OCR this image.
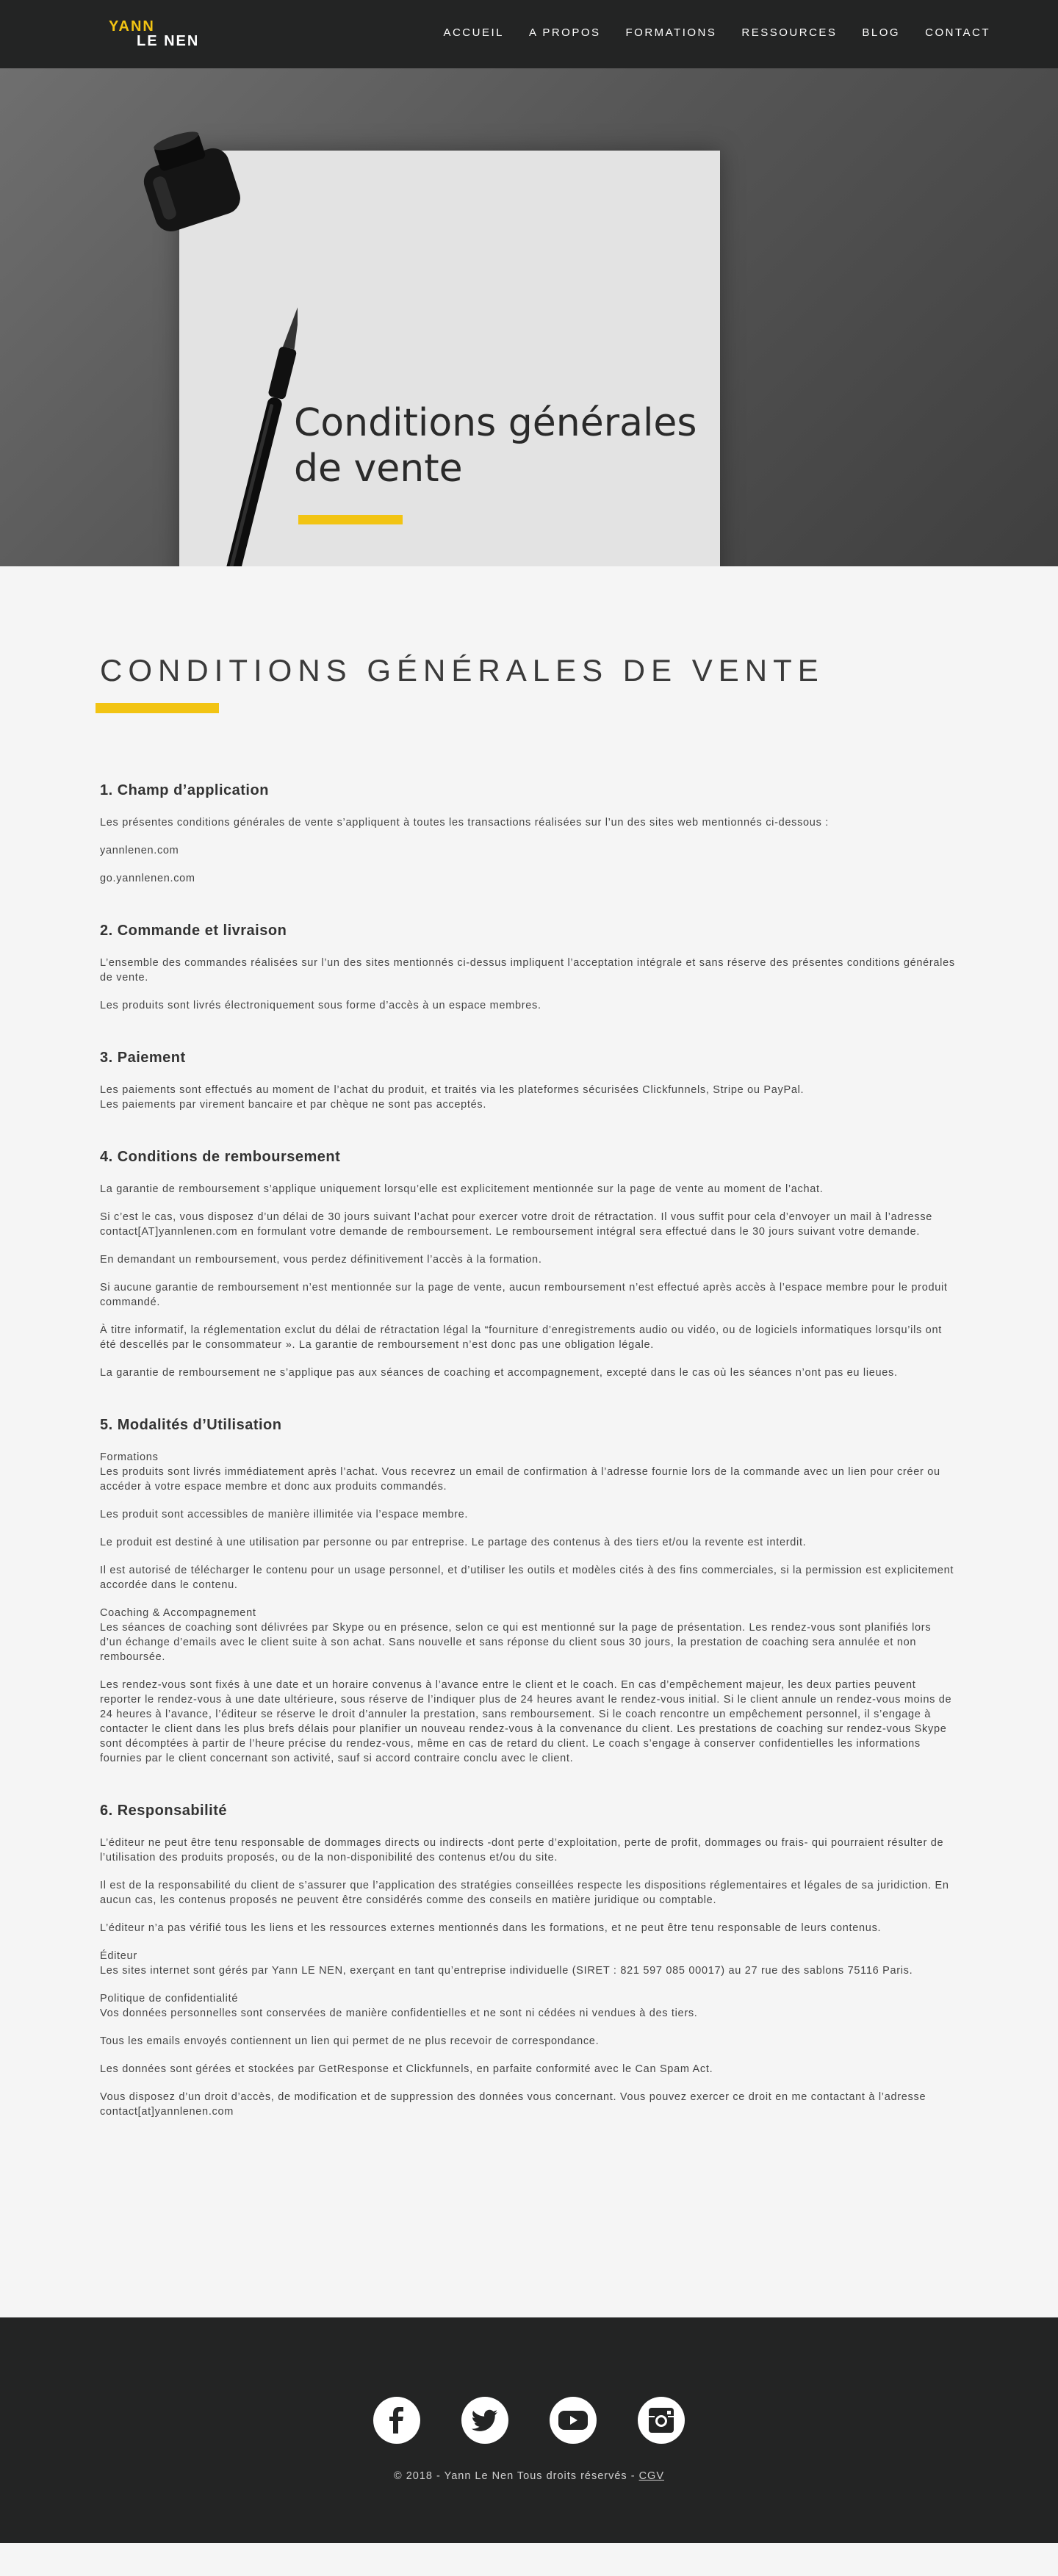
YANN
LE NEN
ACCUEIL A PROPOS FORMATIONS RESSOURCES BLOG CONTACT
Conditions générales de vente
CONDITIONS GÉNÉRALES DE VENTE
1. Champ d’application

Les présentes conditions générales de vente s’appliquent à toutes les transactions réalisées sur l’un des sites web mentionnés ci-dessous :

yannlenen.com

go.yannlenen.com

2. Commande et livraison

L’ensemble des commandes réalisées sur l’un des sites mentionnés ci-dessus impliquent l’acceptation intégrale et sans réserve des présentes conditions générales de vente.

Les produits sont livrés électroniquement sous forme d’accès à un espace membres.

3. Paiement

Les paiements sont effectués au moment de l’achat du produit, et traités via les plateformes sécurisées Clickfunnels, Stripe ou PayPal.
Les paiements par virement bancaire et par chèque ne sont pas acceptés.

4. Conditions de remboursement

La garantie de remboursement s’applique uniquement lorsqu’elle est explicitement mentionnée sur la page de vente au moment de l’achat.

Si c’est le cas, vous disposez d’un délai de 30 jours suivant l’achat pour exercer votre droit de rétractation. Il vous suffit pour cela d’envoyer un mail à l’adresse contact[AT]yannlenen.com en formulant votre demande de remboursement. Le remboursement intégral sera effectué dans le 30 jours suivant votre demande.

En demandant un remboursement, vous perdez définitivement l’accès à la formation.

Si aucune garantie de remboursement n’est mentionnée sur la page de vente, aucun remboursement n’est effectué après accès à l’espace membre pour le produit commandé.

À titre informatif, la réglementation exclut du délai de rétractation légal la “fourniture d’enregistrements audio ou vidéo, ou de logiciels informatiques lorsqu’ils ont été descellés par le consommateur ». La garantie de remboursement n’est donc pas une obligation légale.

La garantie de remboursement ne s’applique pas aux séances de coaching et accompagnement, excepté dans le cas où les séances n’ont pas eu lieues.

5. Modalités d’Utilisation

Formations
Les produits sont livrés immédiatement après l’achat. Vous recevrez un email de confirmation à l’adresse fournie lors de la commande avec un lien pour créer ou accéder à votre espace membre et donc aux produits commandés.

Les produit sont accessibles de manière illimitée via l’espace membre.

Le produit est destiné à une utilisation par personne ou par entreprise. Le partage des contenus à des tiers et/ou la revente est interdit.

Il est autorisé de télécharger le contenu pour un usage personnel, et d’utiliser les outils et modèles cités à des fins commerciales, si la permission est explicitement accordée dans le contenu.

Coaching & Accompagnement
Les séances de coaching sont délivrées par Skype ou en présence, selon ce qui est mentionné sur la page de présentation. Les rendez-vous sont planifiés lors d’un échange d’emails avec le client suite à son achat. Sans nouvelle et sans réponse du client sous 30 jours, la prestation de coaching sera annulée et non remboursée.

Les rendez-vous sont fixés à une date et un horaire convenus à l’avance entre le client et le coach. En cas d’empêchement majeur, les deux parties peuvent reporter le rendez-vous à une date ultérieure, sous réserve de l’indiquer plus de 24 heures avant le rendez-vous initial. Si le client annule un rendez-vous moins de 24 heures à l’avance, l’éditeur se réserve le droit d’annuler la prestation, sans remboursement. Si le coach rencontre un empêchement personnel, il s’engage à contacter le client dans les plus brefs délais pour planifier un nouveau rendez-vous à la convenance du client. Les prestations de coaching sur rendez-vous Skype sont décomptées à partir de l’heure précise du rendez-vous, même en cas de retard du client. Le coach s’engage à conserver confidentielles les informations fournies par le client concernant son activité, sauf si accord contraire conclu avec le client.

6. Responsabilité

L’éditeur ne peut être tenu responsable de dommages directs ou indirects -dont perte d’exploitation, perte de profit, dommages ou frais- qui pourraient résulter de l’utilisation des produits proposés, ou de la non-disponibilité des contenus et/ou du site.

Il est de la responsabilité du client de s’assurer que l’application des stratégies conseillées respecte les dispositions réglementaires et légales de sa juridiction. En aucun cas, les contenus proposés ne peuvent être considérés comme des conseils en matière juridique ou comptable.

L’éditeur n’a pas vérifié tous les liens et les ressources externes mentionnés dans les formations, et ne peut être tenu responsable de leurs contenus.

Éditeur
Les sites internet sont gérés par Yann LE NEN, exerçant en tant qu’entreprise individuelle (SIRET : 821 597 085 00017) au 27 rue des sablons 75116 Paris.

Politique de confidentialité
Vos données personnelles sont conservées de manière confidentielles et ne sont ni cédées ni vendues à des tiers.

Tous les emails envoyés contiennent un lien qui permet de ne plus recevoir de correspondance.

Les données sont gérées et stockées par GetResponse et Clickfunnels, en parfaite conformité avec le Can Spam Act.

Vous disposez d’un droit d’accès, de modification et de suppression des données vous concernant. Vous pouvez exercer ce droit en me contactant à l’adresse contact[at]yannlenen.com

© 2018 - Yann Le Nen Tous droits réservés - CGV
